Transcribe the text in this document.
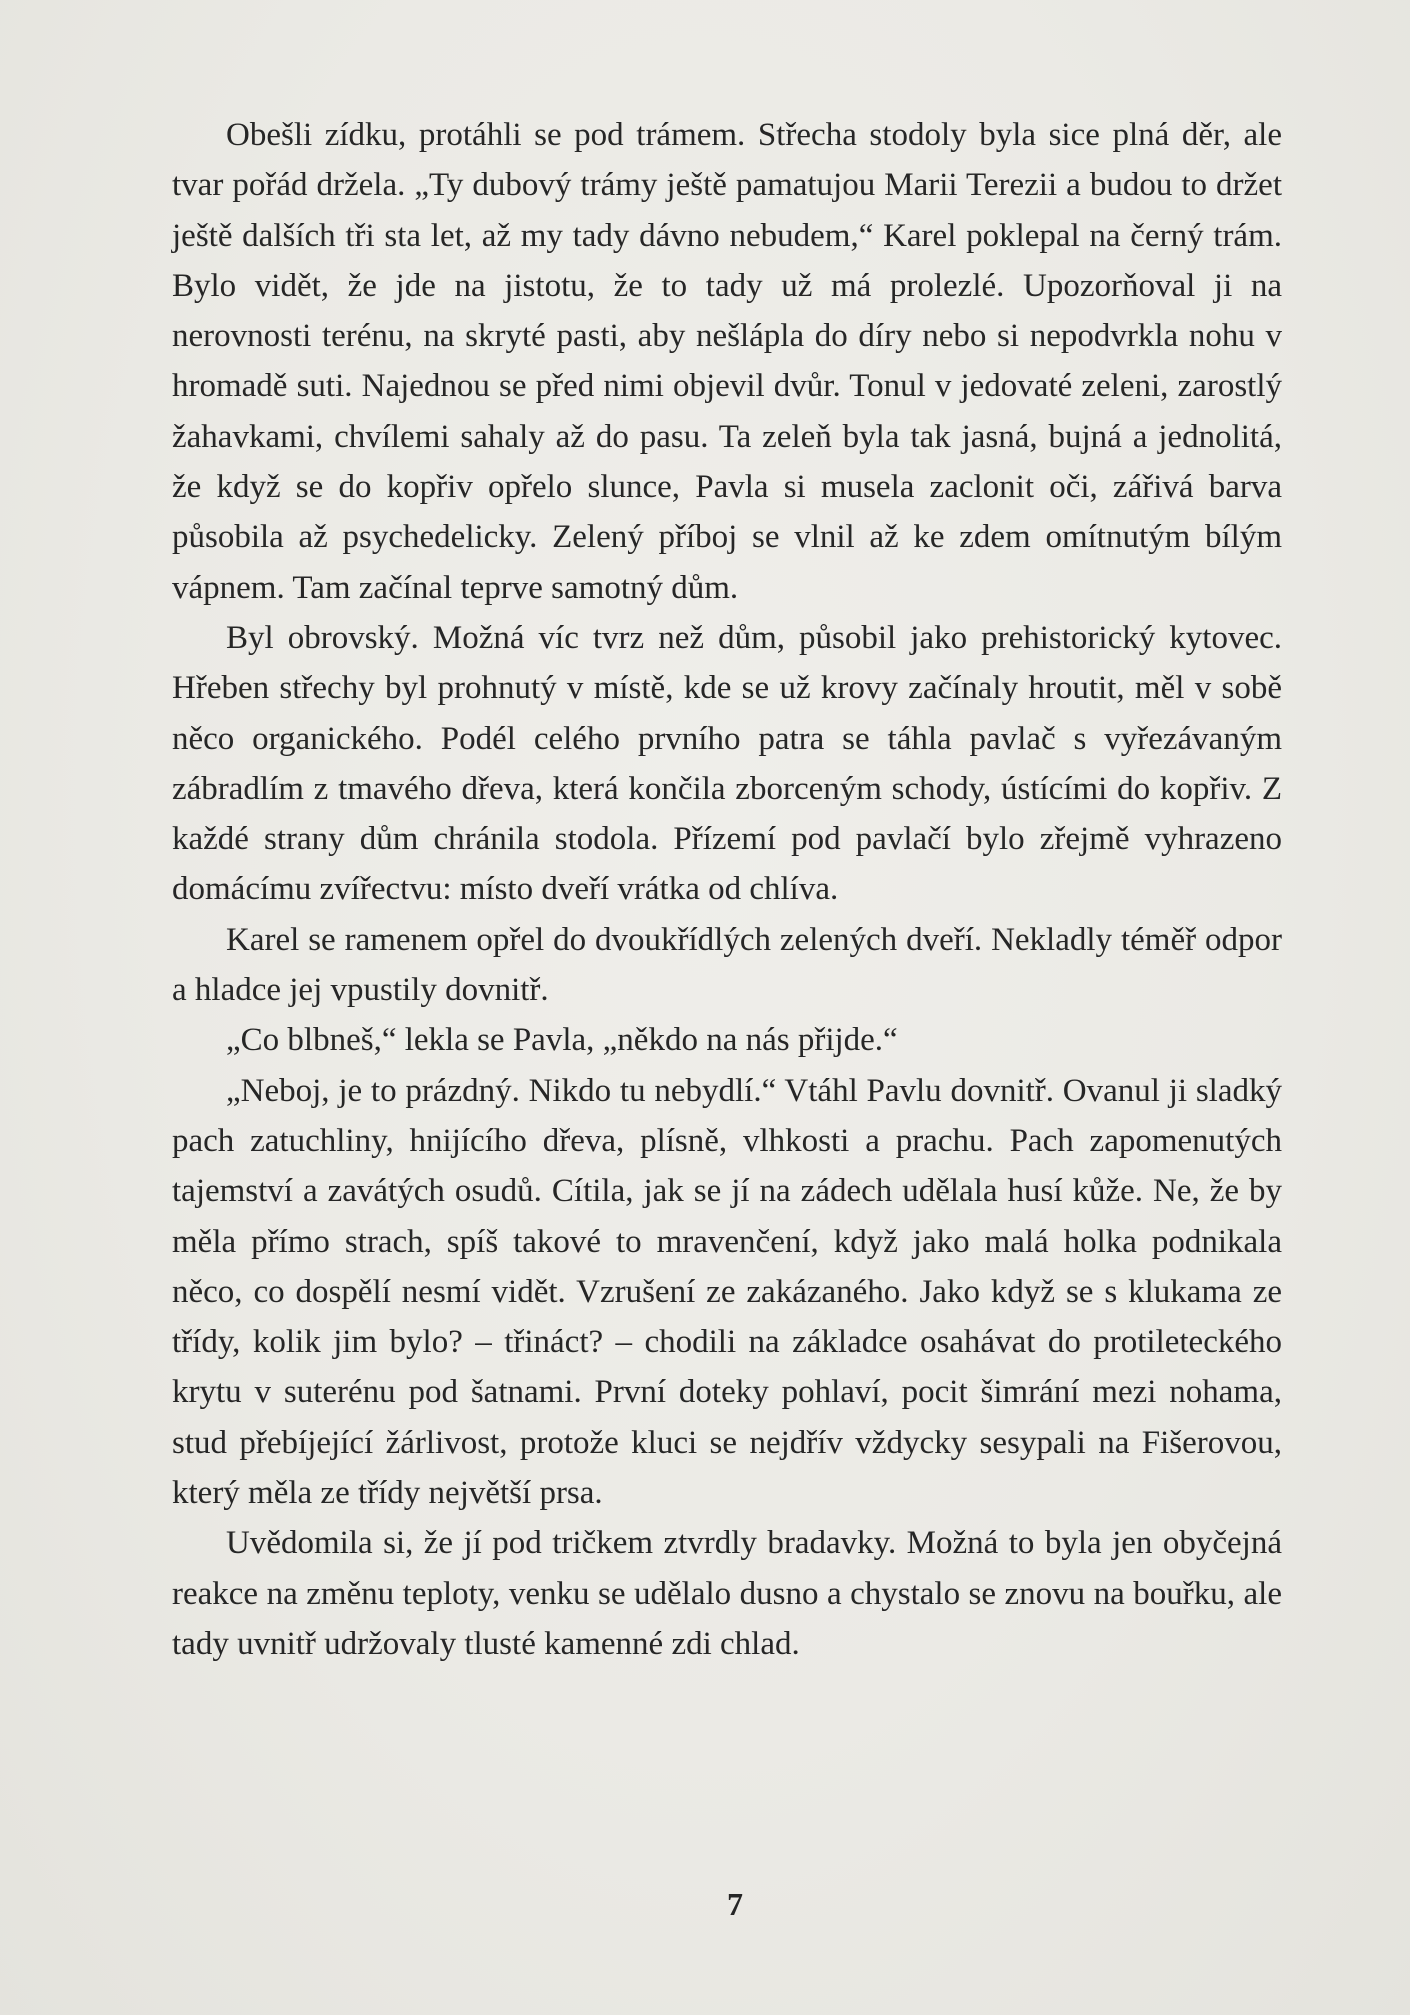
Obešli zídku, protáhli se pod trámem. Střecha stodoly byla sice plná děr, ale tvar pořád držela. „Ty dubový trámy ještě pamatujou Marii Terezii a budou to držet ještě dalších tři sta let, až my tady dávno nebudem,“ Karel poklepal na černý trám. Bylo vidět, že jde na jistotu, že to tady už má prolezlé. Upozorňoval ji na nerovnosti terénu, na skryté pasti, aby nešlápla do díry nebo si nepodvrkla nohu v hromadě suti. Najednou se před nimi objevil dvůr. Tonul v jedovaté zeleni, zarostlý žahavkami, chvílemi sahaly až do pasu. Ta zeleň byla tak jasná, bujná a jednolitá, že když se do kopřiv opřelo slunce, Pavla si musela zaclonit oči, zářivá barva působila až psychedelicky. Zelený příboj se vlnil až ke zdem omítnutým bílým vápnem. Tam začínal teprve samotný dům.

Byl obrovský. Možná víc tvrz než dům, působil jako prehistorický kytovec. Hřeben střechy byl prohnutý v místě, kde se už krovy začínaly hroutit, měl v sobě něco organického. Podél celého prvního patra se táhla pavlač s vyřezávaným zábradlím z tmavého dřeva, která končila zborceným schody, ústícími do kopřiv. Z každé strany dům chránila stodola. Přízemí pod pavlačí bylo zřejmě vyhrazeno domácímu zvířectvu: místo dveří vrátka od chlíva.

Karel se ramenem opřel do dvoukřídlých zelených dveří. Nekladly téměř odpor a hladce jej vpustily dovnitř.

„Co blbneš,“ lekla se Pavla, „někdo na nás přijde.“

„Neboj, je to prázdný. Nikdo tu nebydlí.“ Vtáhl Pavlu dovnitř. Ovanul ji sladký pach zatuchliny, hnijícího dřeva, plísně, vlhkosti a prachu. Pach zapomenutých tajemství a zavátých osudů. Cítila, jak se jí na zádech udělala husí kůže. Ne, že by měla přímo strach, spíš takové to mravenčení, když jako malá holka podnikala něco, co dospělí nesmí vidět. Vzrušení ze zakázaného. Jako když se s klukama ze třídy, kolik jim bylo? – třináct? – chodili na základce osahávat do protileteckého krytu v suterénu pod šatnami. První doteky pohlaví, pocit šimrání mezi nohama, stud přebíjející žárlivost, protože kluci se nejdřív vždycky sesypali na Fišerovou, který měla ze třídy největší prsa.

Uvědomila si, že jí pod tričkem ztvrdly bradavky. Možná to byla jen obyčejná reakce na změnu teploty, venku se udělalo dusno a chystalo se znovu na bouřku, ale tady uvnitř udržovaly tlusté kamenné zdi chlad.

7
